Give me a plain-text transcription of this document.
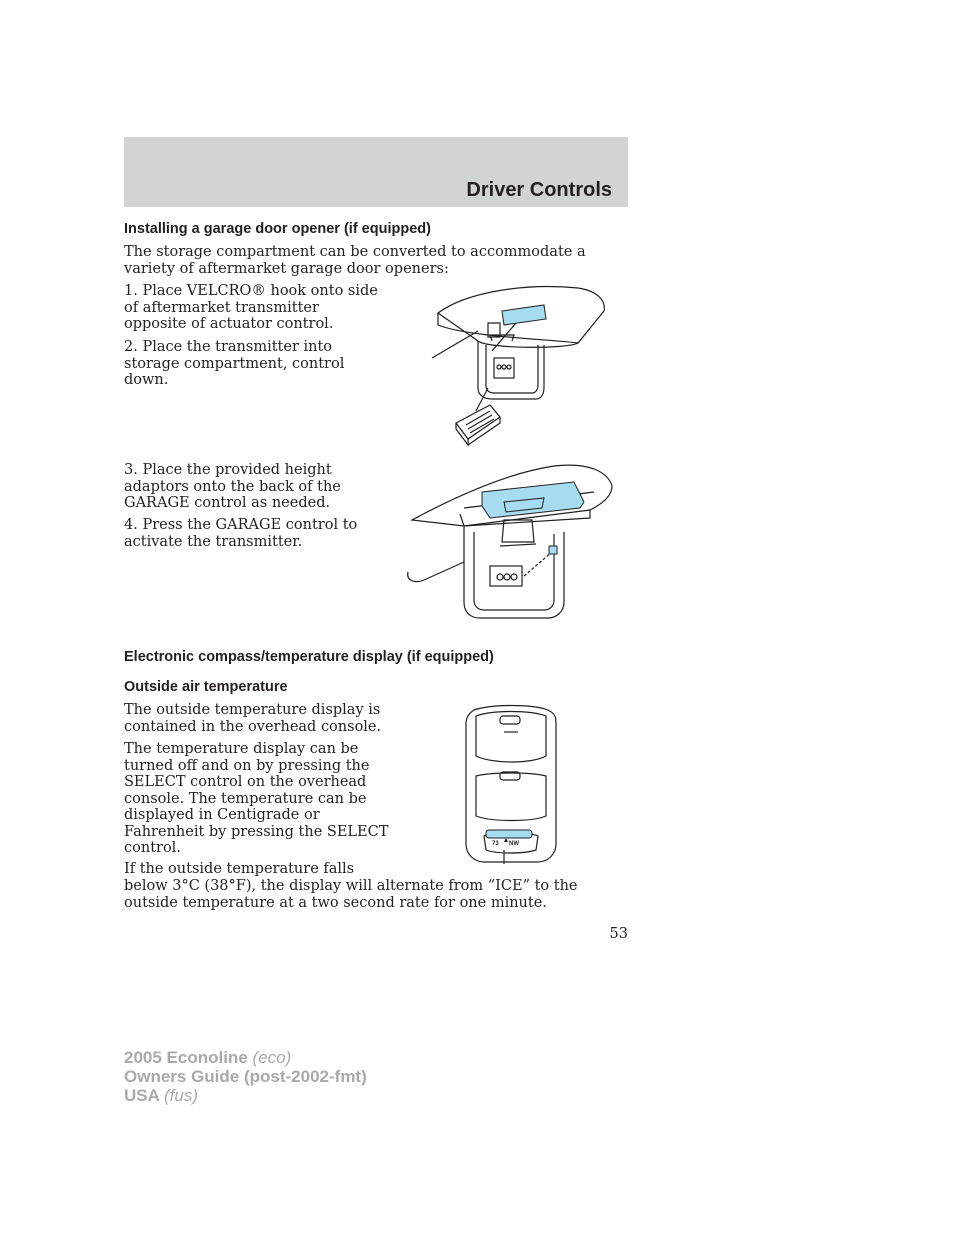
Driver Controls
Installing a garage door opener (if equipped)

The storage compartment can be converted to accommodate a variety of aftermarket garage door openers:

1. Place VELCRO® hook onto side of aftermarket transmitter opposite of actuator control.

2. Place the transmitter into storage compartment, control down.

3. Place the provided height adaptors onto the back of the GARAGE control as needed.

4. Press the GARAGE control to activate the transmitter.

Electronic compass/temperature display (if equipped)
Outside air temperature

The outside temperature display is contained in the overhead console.

The temperature display can be turned off and on by pressing the SELECT control on the overhead console. The temperature can be displayed in Centigrade or Fahrenheit by pressing the SELECT control.

If the outside temperature falls

below 3°C (38°F), the display will alternate from “ICE” to the outside temperature at a two second rate for one minute.

73 NW
53
2005 Econoline (eco)
Owners Guide (post-2002-fmt)
USA (fus)
